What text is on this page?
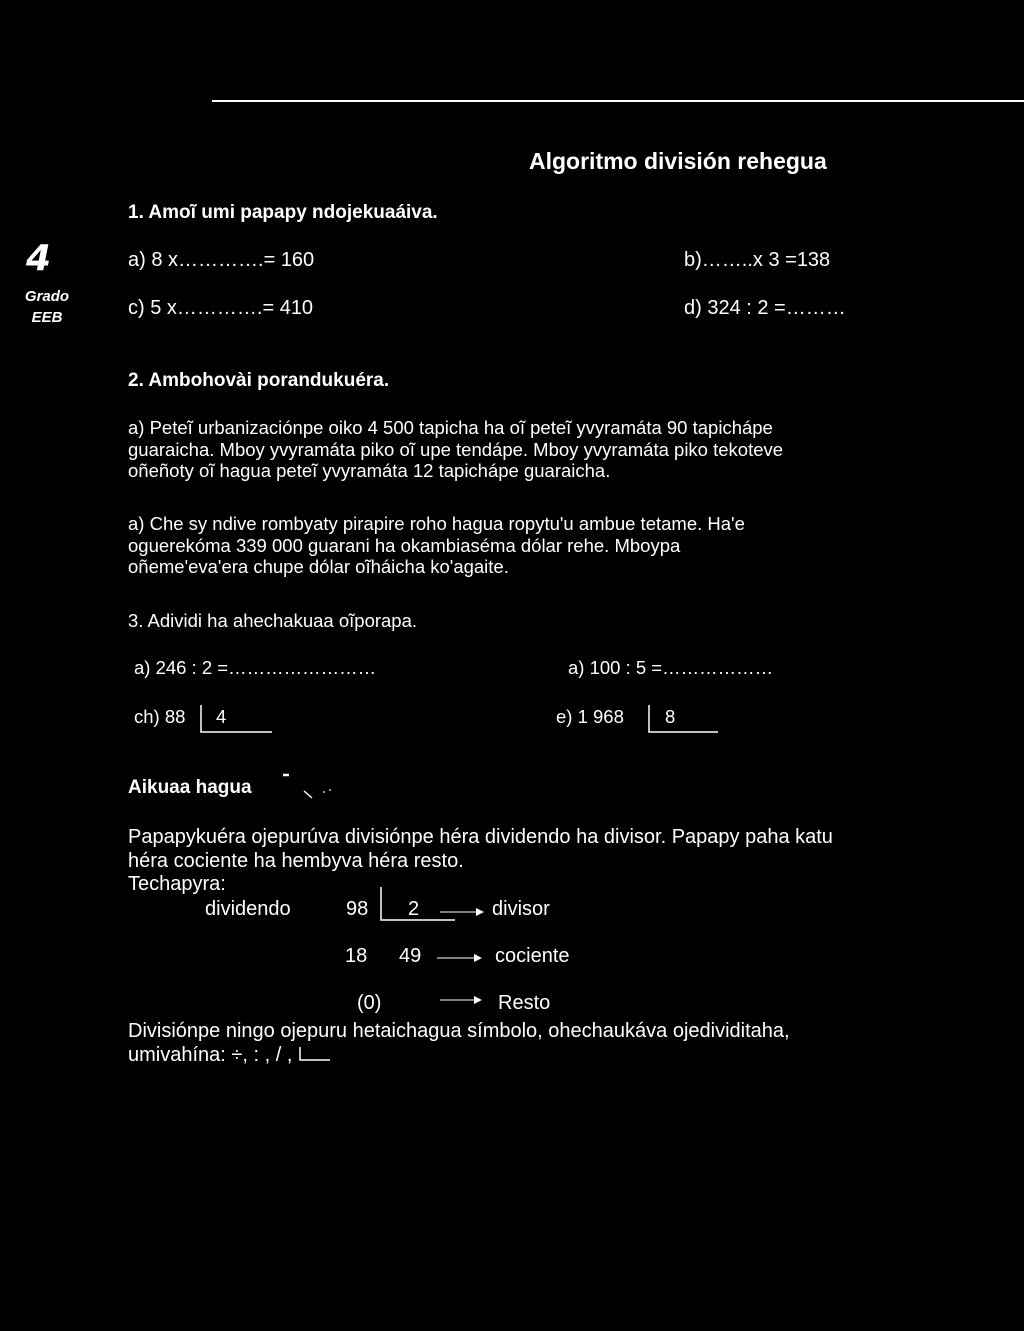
Algoritmo división rehegua
4
Grado
EEB
1. Amoĩ umi papapy ndojekuaáiva.
a) 8 x………….= 160	b)……..x 3 =138
c) 5 x………….= 410	d) 324 : 2 =………
2. Ambohovài porandukuéra.

a) Peteĩ urbanizaciónpe oiko 4 500 tapicha ha oĩ peteĩ yvyramáta 90 tapicháp​e

guaraicha. Mboy yvyramáta piko oĩ upe tendápe. Mboy yvyramáta piko tekoteve

oñeñoty oĩ hagua peteĩ yvyramáta 12 tapicháp​e guaraicha.

a) Che sy ndive rombyaty pirapire roho hagua ropytu'u ambue tetame. Ha'e

oguerekóma 339 000 guarani ha okambiaséma dólar rehe. Mboypa

oñeme'eva'era chupe dólar oĩháicha ko'agaite.

3. Adividi ha ahechakuaa oĩporapa.
a) 246 : 2 =……………………	a) 100 : 5 =………………
ch) 88 4	e) 1 968 8
Aikuaa hagua

Papapykuéra ojepurúva divisiónpe héra dividendo ha divisor. Papapy paha katu

héra cociente ha hembyva héra resto.

Techapyra:

dividendo	98 2	divisor
18 49	cociente
(0)	Resto

Divisiónpe ningo ojepuru hetaichagua símbolo, ohechaukáva ojedividitaha,

umivahína: ÷, : , / ,
